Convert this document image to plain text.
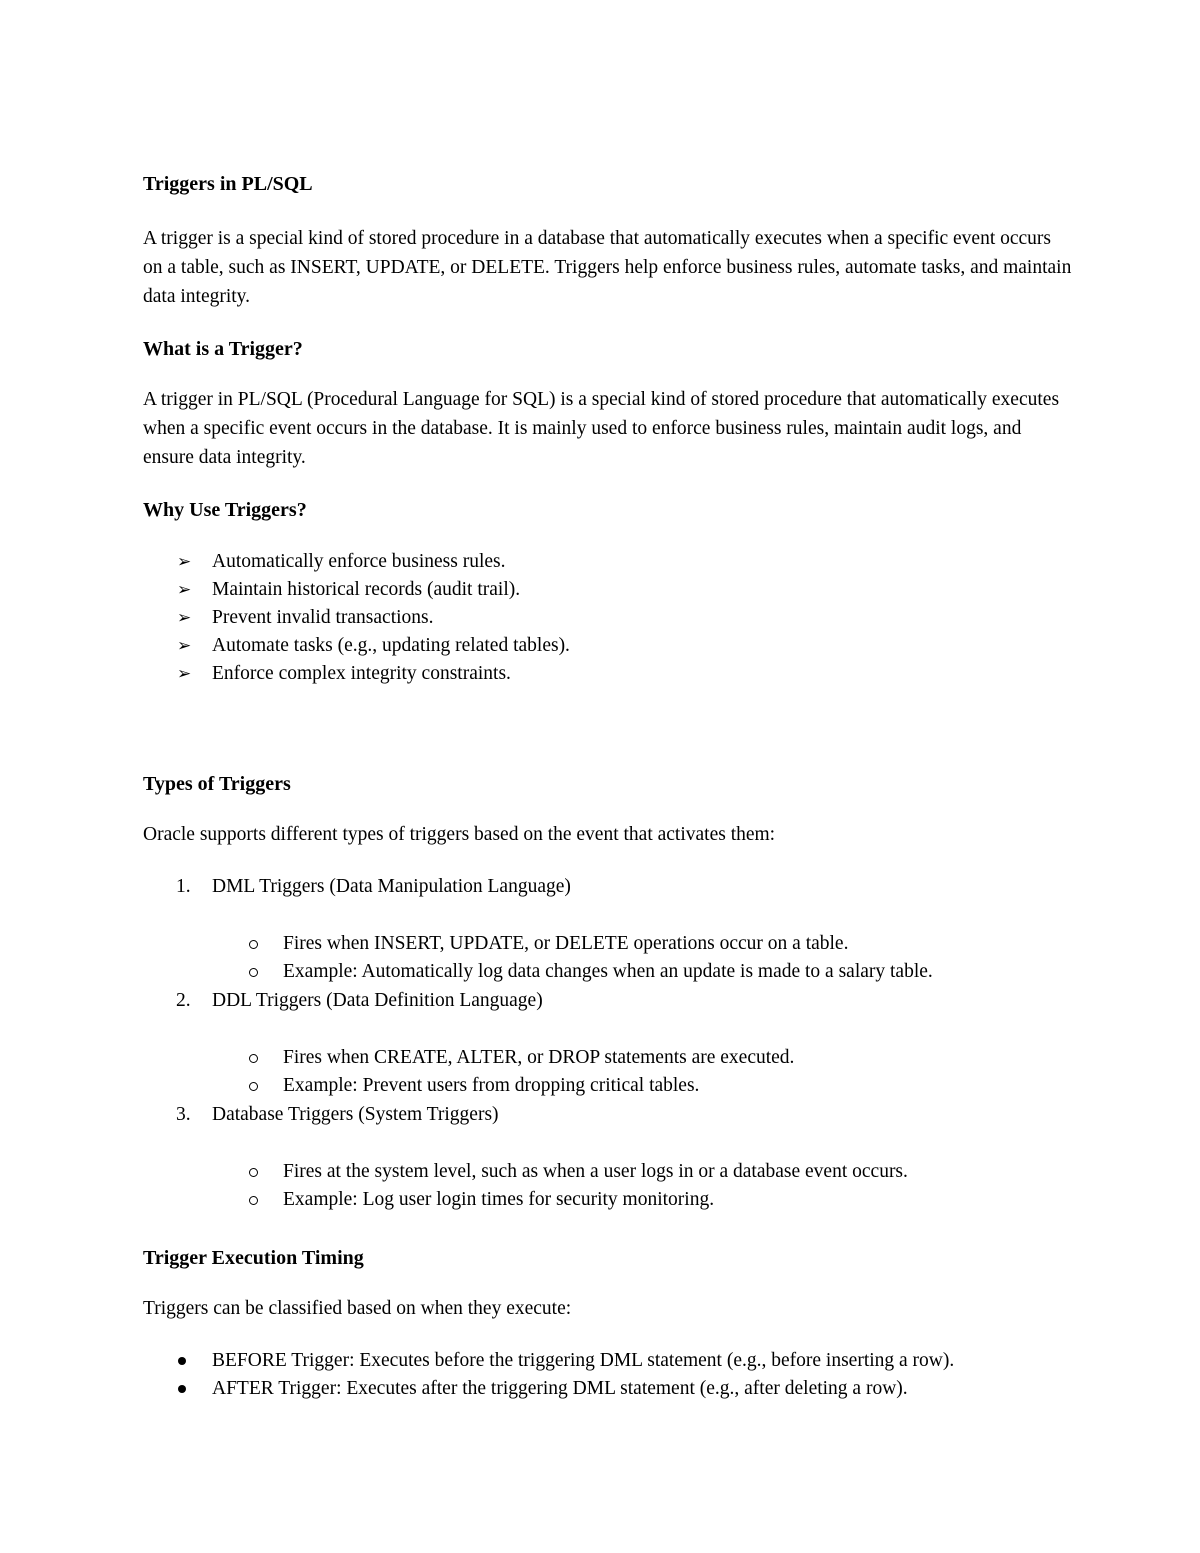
Triggers in PL/SQL

A trigger is a special kind of stored procedure in a database that automatically executes when a specific event occurs on a table, such as INSERT, UPDATE, or DELETE. Triggers help enforce business rules, automate tasks, and maintain data integrity.

What is a Trigger?

A trigger in PL/SQL (Procedural Language for SQL) is a special kind of stored procedure that automatically executes when a specific event occurs in the database. It is mainly used to enforce business rules, maintain audit logs, and ensure data integrity.

Why Use Triggers?
➢ Automatically enforce business rules.
➢ Maintain historical records (audit trail).
➢ Prevent invalid transactions.
➢ Automate tasks (e.g., updating related tables).
➢ Enforce complex integrity constraints.
Types of Triggers

Oracle supports different types of triggers based on the event that activates them:

1. DML Triggers (Data Manipulation Language)
Fires when INSERT, UPDATE, or DELETE operations occur on a table.
Example: Automatically log data changes when an update is made to a salary table.
2. DDL Triggers (Data Definition Language)
Fires when CREATE, ALTER, or DROP statements are executed.
Example: Prevent users from dropping critical tables.
3. Database Triggers (System Triggers)
Fires at the system level, such as when a user logs in or a database event occurs.
Example: Log user login times for security monitoring.
Trigger Execution Timing

Triggers can be classified based on when they execute:

BEFORE Trigger: Executes before the triggering DML statement (e.g., before inserting a row).
AFTER Trigger: Executes after the triggering DML statement (e.g., after deleting a row).
